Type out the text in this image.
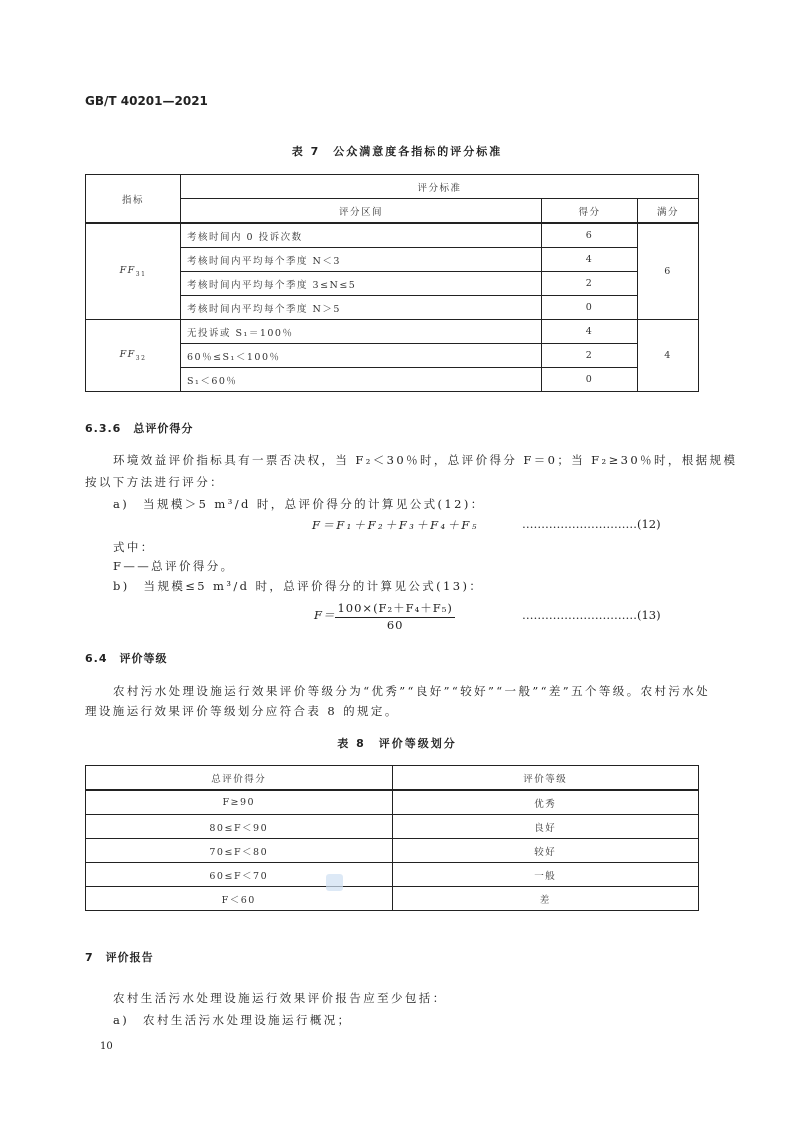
GB/T 40201—2021
表 7　公众满意度各指标的评分标准
指标	评分标准		
	评分区间	得分	满分
$FF_{31}$	考核时间内 0 投诉次数	6	6
	考核时间内平均每个季度 N＜3	4	
	考核时间内平均每个季度 3≤N≤5	2	
	考核时间内平均每个季度 N＞5	0	
$FF_{32}$	无投诉或 S₁＝100％	4	4
	60％≤S₁＜100％	2	
	S₁＜60％	0	
6.3.6　总评价得分
环境效益评价指标具有一票否决权，当 F₂＜30％时，总评价得分 F＝0；当 F₂≥30％时，根据规模
按以下方法进行评分：
a)　当规模＞5 m³/d 时，总评价得分的计算见公式(12)：
F＝F₁＋F₂＋F₃＋F₄＋F₅	…………………………(12)
式中：
F——总评价得分。
b)　当规模≤5 m³/d 时，总评价得分的计算见公式(13)：
$F= \frac{\text{100×(F₂＋F₄＋F₅)}}{60}$	…………………………(13)
6.4　评价等级
农村污水处理设施运行效果评价等级分为“优秀”“良好”“较好”“一般”“差”五个等级。农村污水处
理设施运行效果评价等级划分应符合表 8 的规定。
表 8　评价等级划分
总评价得分	评价等级
F≥90	优秀
80≤F＜90	良好
70≤F＜80	较好
60≤F＜70	一般
F＜60	差
7　评价报告
农村生活污水处理设施运行效果评价报告应至少包括：
a)　农村生活污水处理设施运行概况；
10
